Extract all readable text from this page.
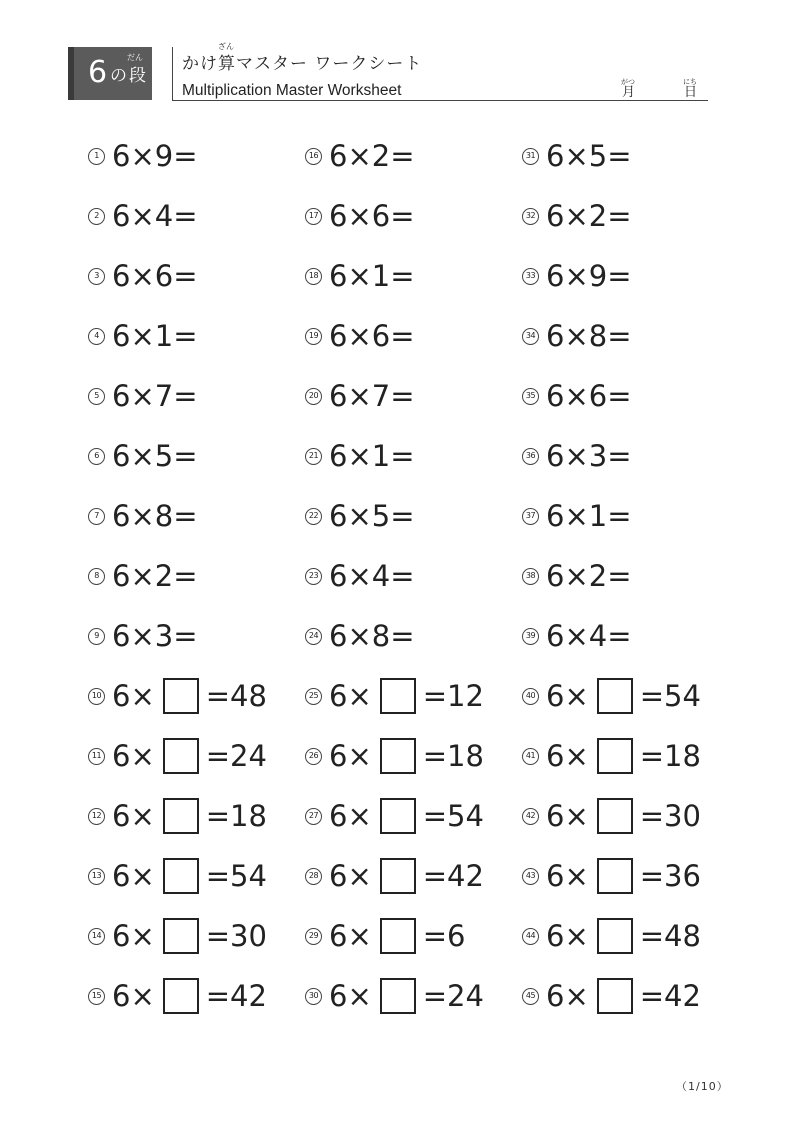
6 の
だん
段
ざん
かけ算マスター ワークシート
Multiplication Master Worksheet	がつ
月
にち
日
1 6×9=
2 6×4=
3 6×6=
4 6×1=
5 6×7=
6 6×5=
7 6×8=
8 6×2=
9 6×3=
10 6× =48
11 6× =24
12 6× =18
13 6× =54
14 6× =30
15 6× =42
16 6×2=
17 6×6=
18 6×1=
19 6×6=
20 6×7=
21 6×1=
22 6×5=
23 6×4=
24 6×8=
25 6× =12
26 6× =18
27 6× =54
28 6× =42
29 6× =6
30 6× =24
31 6×5=
32 6×2=
33 6×9=
34 6×8=
35 6×6=
36 6×3=
37 6×1=
38 6×2=
39 6×4=
40 6× =54
41 6× =18
42 6× =30
43 6× =36
44 6× =48
45 6× =42
（1/10）
